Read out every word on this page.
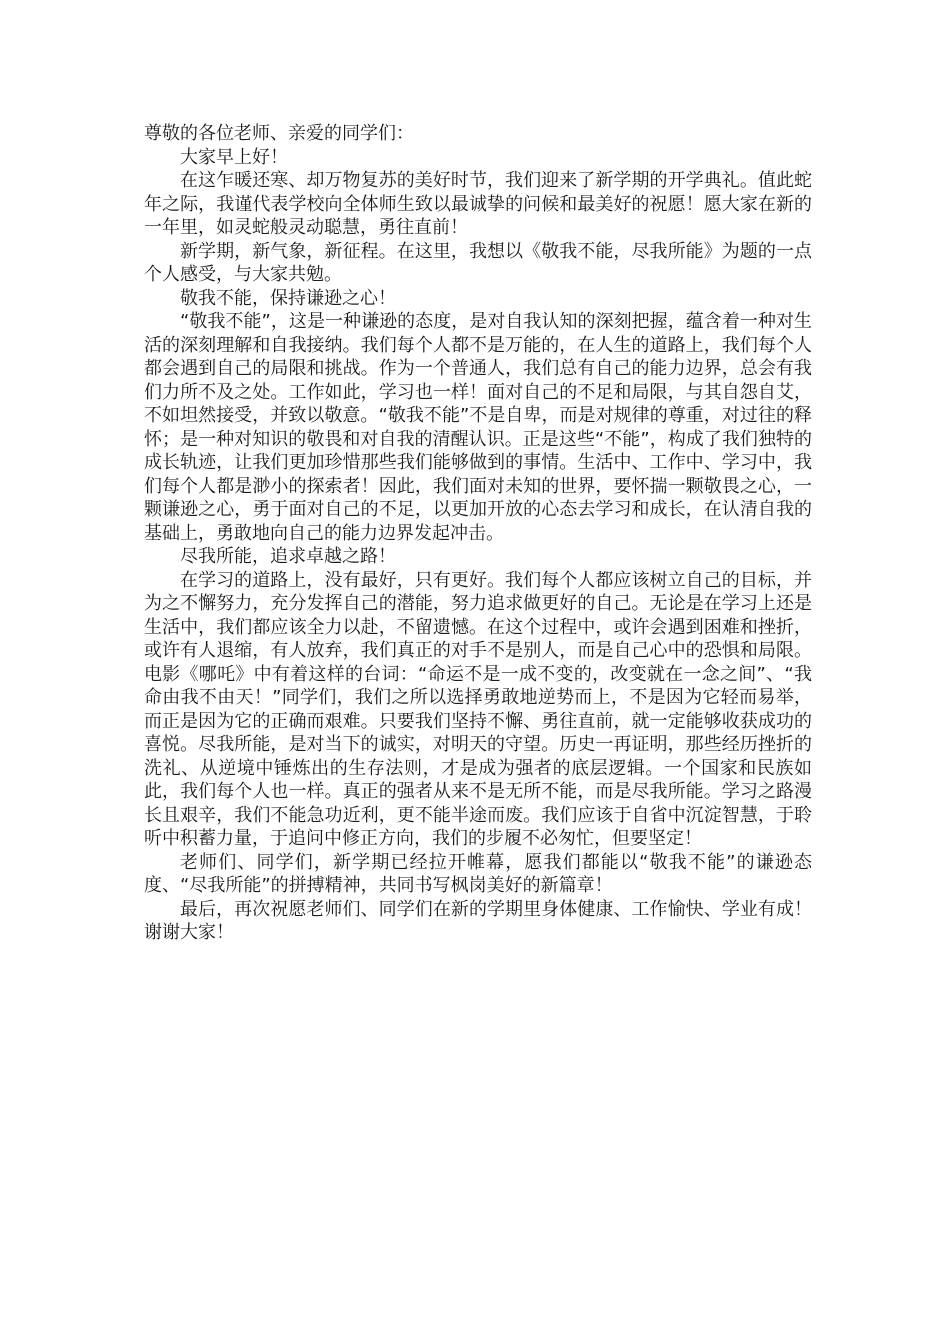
尊敬的各位老师、亲爱的同学们：

大家早上好！

在这乍暖还寒、却万物复苏的美好时节，我们迎来了新学期的开学典礼。值此蛇年之际，我谨代表学校向全体师生致以最诚挚的问候和最美好的祝愿！愿大家在新的一年里，如灵蛇般灵动聪慧，勇往直前！

新学期，新气象，新征程。在这里，我想以《敬我不能，尽我所能》为题的一点个人感受，与大家共勉。

敬我不能，保持谦逊之心！

“敬我不能”，这是一种谦逊的态度，是对自我认知的深刻把握，蕴含着一种对生活的深刻理解和自我接纳。我们每个人都不是万能的，在人生的道路上，我们每个人都会遇到自己的局限和挑战。作为一个普通人，我们总有自己的能力边界，总会有我们力所不及之处。工作如此，学习也一样！面对自己的不足和局限，与其自怨自艾，不如坦然接受，并致以敬意。“敬我不能”不是自卑，而是对规律的尊重，对过往的释怀；是一种对知识的敬畏和对自我的清醒认识。正是这些“不能”，构成了我们独特的成长轨迹，让我们更加珍惜那些我们能够做到的事情。生活中、工作中、学习中，我们每个人都是渺小的探索者！因此，我们面对未知的世界，要怀揣一颗敬畏之心，一颗谦逊之心，勇于面对自己的不足，以更加开放的心态去学习和成长，在认清自我的基础上，勇敢地向自己的能力边界发起冲击。

尽我所能，追求卓越之路！

在学习的道路上，没有最好，只有更好。我们每个人都应该树立自己的目标，并为之不懈努力，充分发挥自己的潜能，努力追求做更好的自己。无论是在学习上还是生活中，我们都应该全力以赴，不留遗憾。在这个过程中，或许会遇到困难和挫折，或许有人退缩，有人放弃，我们真正的对手不是别人，而是自己心中的恐惧和局限。电影《哪吒》中有着这样的台词：“命运不是一成不变的，改变就在一念之间”、“我命由我不由天！”同学们，我们之所以选择勇敢地逆势而上，不是因为它轻而易举，而正是因为它的正确而艰难。只要我们坚持不懈、勇往直前，就一定能够收获成功的喜悦。尽我所能，是对当下的诚实，对明天的守望。历史一再证明，那些经历挫折的洗礼、从逆境中锤炼出的生存法则，才是成为强者的底层逻辑。一个国家和民族如此，我们每个人也一样。真正的强者从来不是无所不能，而是尽我所能。学习之路漫长且艰辛，我们不能急功近利，更不能半途而废。我们应该于自省中沉淀智慧，于聆听中积蓄力量，于追问中修正方向，我们的步履不必匆忙，但要坚定！

老师们、同学们，新学期已经拉开帷幕，愿我们都能以“敬我不能”的谦逊态度、“尽我所能”的拼搏精神，共同书写枫岗美好的新篇章！

最后，再次祝愿老师们、同学们在新的学期里身体健康、工作愉快、学业有成！谢谢大家！
